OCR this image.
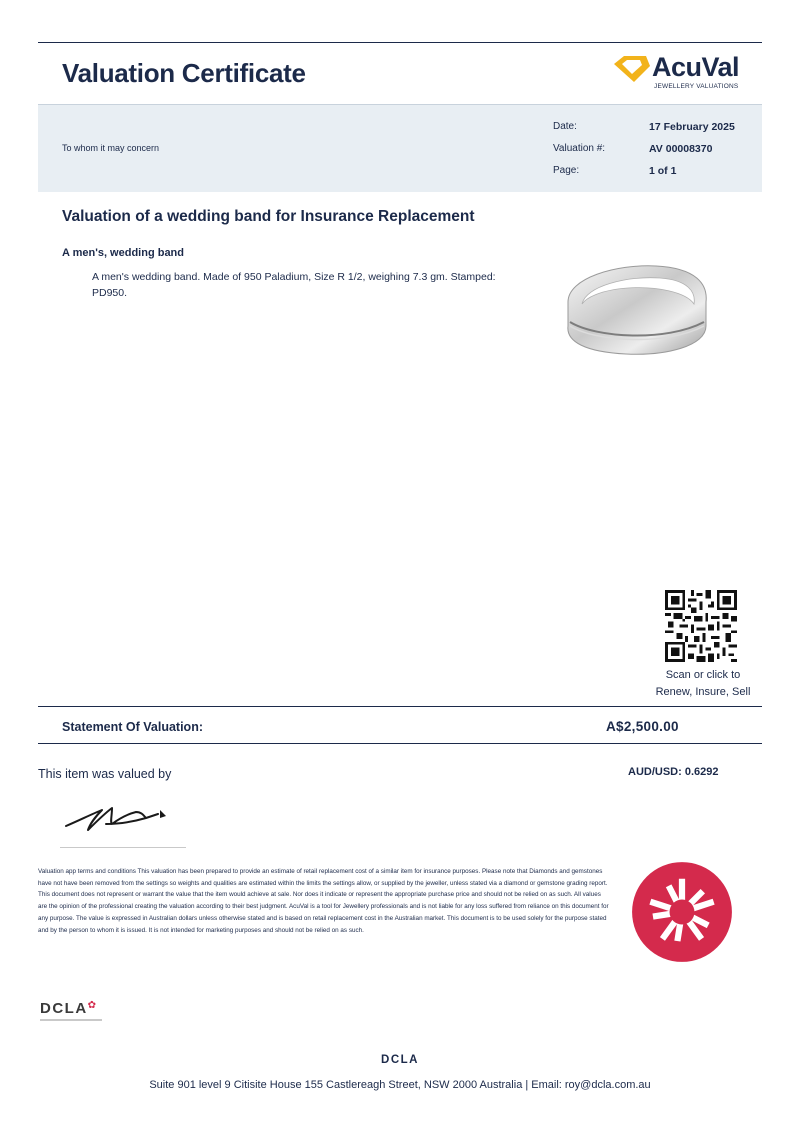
Valuation Certificate	AcuVal
JEWELLERY VALUATIONS
To whom it may concern
Date:	17 February 2025
Valuation #:	AV 00008370
Page:	1 of 1
Valuation of a wedding band for Insurance Replacement
A men's, wedding band
A men's wedding band. Made of 950 Paladium, Size R 1/2, weighing 7.3 gm. Stamped: PD950.
Scan or click to
Renew, Insure, Sell
Statement Of Valuation:	A$2,500.00
This item was valued by	AUD/USD: 0.6292
Valuation app terms and conditions This valuation has been prepared to provide an estimate of retail replacement cost of a similar item for insurance purposes. Please note that Diamonds and gemstones have not have been removed from the settings so weights and qualities are estimated within the limits the settings allow, or supplied by the jeweller, unless stated via a diamond or gemstone grading report. This document does not represent or warrant the value that the item would achieve at sale. Nor does it indicate or represent the appropriate purchase price and should not be relied on as such. All values are the opinion of the professional creating the valuation according to their best judgment. AcuVal is a tool for Jewellery professionals and is not liable for any loss suffered from reliance on this document for any purpose. The value is expressed in Australian dollars unless otherwise stated and is based on retail replacement cost in the Australian market. This document is to be used solely for the purpose stated and by the person to whom it is issued. It is not intended for marketing purposes and should not be relied on as such.
DCLA✿
DCLA
Suite 901 level 9 Citisite House 155 Castlereagh Street, NSW 2000 Australia | Email: roy@dcla.com.au
